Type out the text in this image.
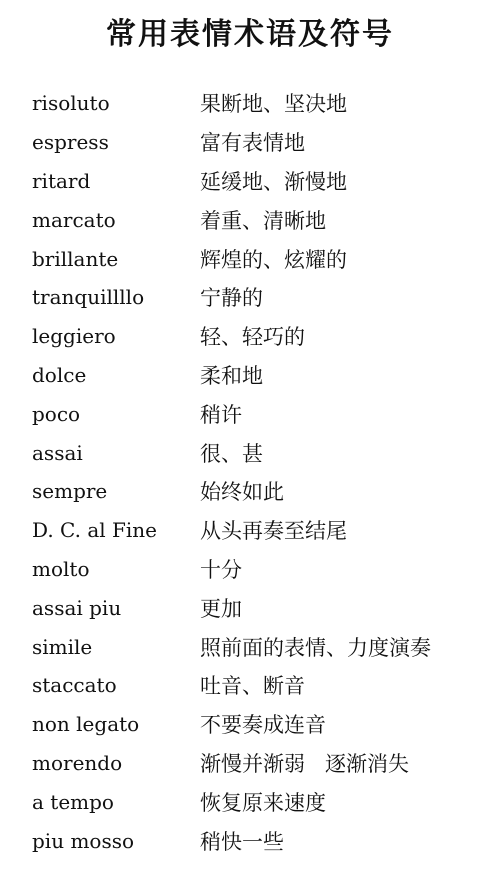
常用表情术语及符号
risoluto	果断地、坚决地
espress	富有表情地
ritard	延缓地、渐慢地
marcato	着重、清晰地
brillante	辉煌的、炫耀的
tranquillllo	宁静的
leggiero	轻、轻巧的
dolce	柔和地
poco	稍许
assai	很、甚
sempre	始终如此
D. C. al Fine	从头再奏至结尾
molto	十分
assai piu	更加
simile	照前面的表情、力度演奏
staccato	吐音、断音
non legato	不要奏成连音
morendo	渐慢并渐弱   逐渐消失
a tempo	恢复原来速度
piu mosso	稍快一些
